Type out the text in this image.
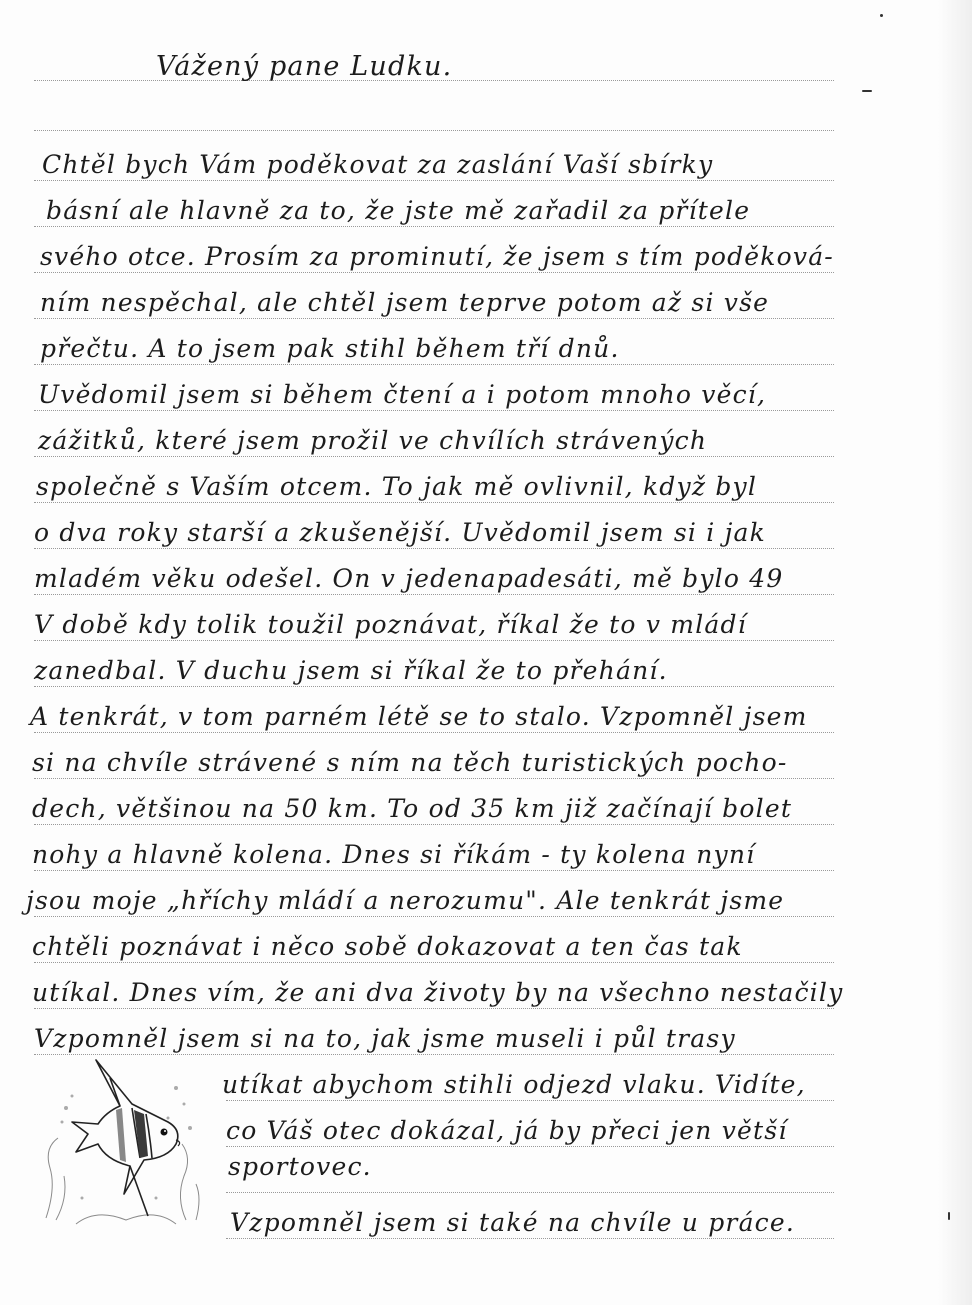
Vážený pane Ludku.

Chtěl bych Vám poděkovat za zaslání Vaší sbírky

básní ale hlavně za to, že jste mě zařadil za přítele

svého otce. Prosím za prominutí, že jsem s tím poděková-

ním nespěchal, ale chtěl jsem teprve potom až si vše

přečtu. A to jsem pak stihl během tří dnů.

Uvědomil jsem si během čtení a i potom mnoho věcí,

zážitků, které jsem prožil ve chvílích strávených

společně s Vaším otcem. To jak mě ovlivnil, když byl

o dva roky starší a zkušenější. Uvědomil jsem si i jak

mladém věku odešel. On v jedenapadesáti, mě bylo 49

V době kdy tolik toužil poznávat, říkal že to v mládí

zanedbal. V duchu jsem si říkal že to přehání.

A tenkrát, v tom parném létě se to stalo. Vzpomněl jsem

si na chvíle strávené s ním na těch turistických pocho-

dech, většinou na 50 km. To od 35 km již začínají bolet

nohy a hlavně kolena. Dnes si říkám - ty kolena nyní

jsou moje „hříchy mládí a nerozumu". Ale tenkrát jsme

chtěli poznávat i něco sobě dokazovat a ten čas tak

utíkal. Dnes vím, že ani dva životy by na všechno nestačily

Vzpomněl jsem si na to, jak jsme museli i půl trasy

utíkat abychom stihli odjezd vlaku. Vidíte,

co Váš otec dokázal, já by přeci jen větší

sportovec.

Vzpomněl jsem si také na chvíle u práce.
